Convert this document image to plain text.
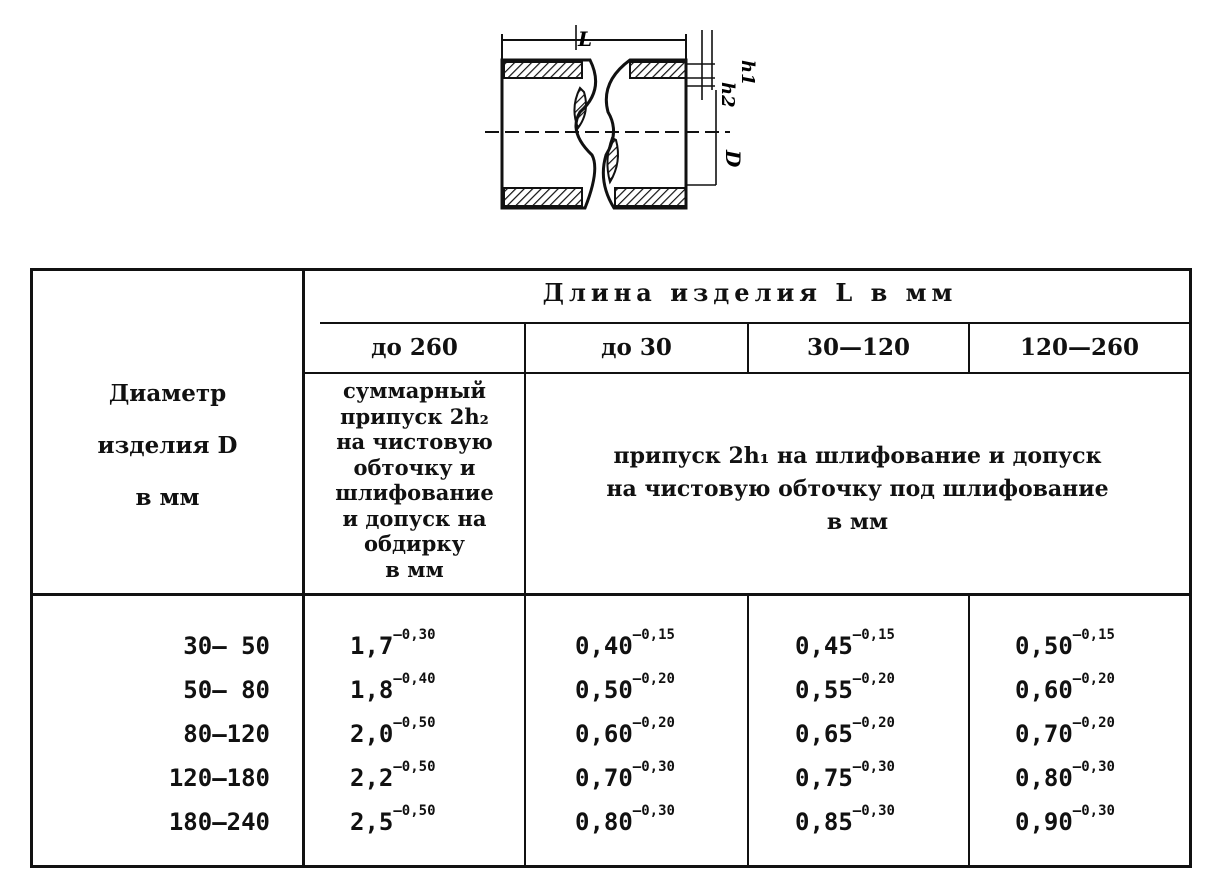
L
D
h2
h1
Диаметр
изделия D
в мм
Длина изделия L в мм
до 260	до 30	30—120	120—260
суммарный
припуск 2h₂
на чистовую
обточку и
шлифование
и допуск на
обдирку
в мм
припуск 2h₁ на шлифование и допуск
на чистовую обточку под шлифование
в мм
30— 50	$1,7^{—0,30}$	$0,40^{—0,15}$	$0,45^{—0,15}$	$0,50^{—0,15}$
50— 80	$1,8^{—0,40}$	$0,50^{—0,20}$	$0,55^{—0,20}$	$0,60^{—0,20}$
80—120	$2,0^{—0,50}$	$0,60^{—0,20}$	$0,65^{—0,20}$	$0,70^{—0,20}$
120—180	$2,2^{—0,50}$	$0,70^{—0,30}$	$0,75^{—0,30}$	$0,80^{—0,30}$
180—240	$2,5^{—0,50}$	$0,80^{—0,30}$	$0,85^{—0,30}$	$0,90^{—0,30}$
